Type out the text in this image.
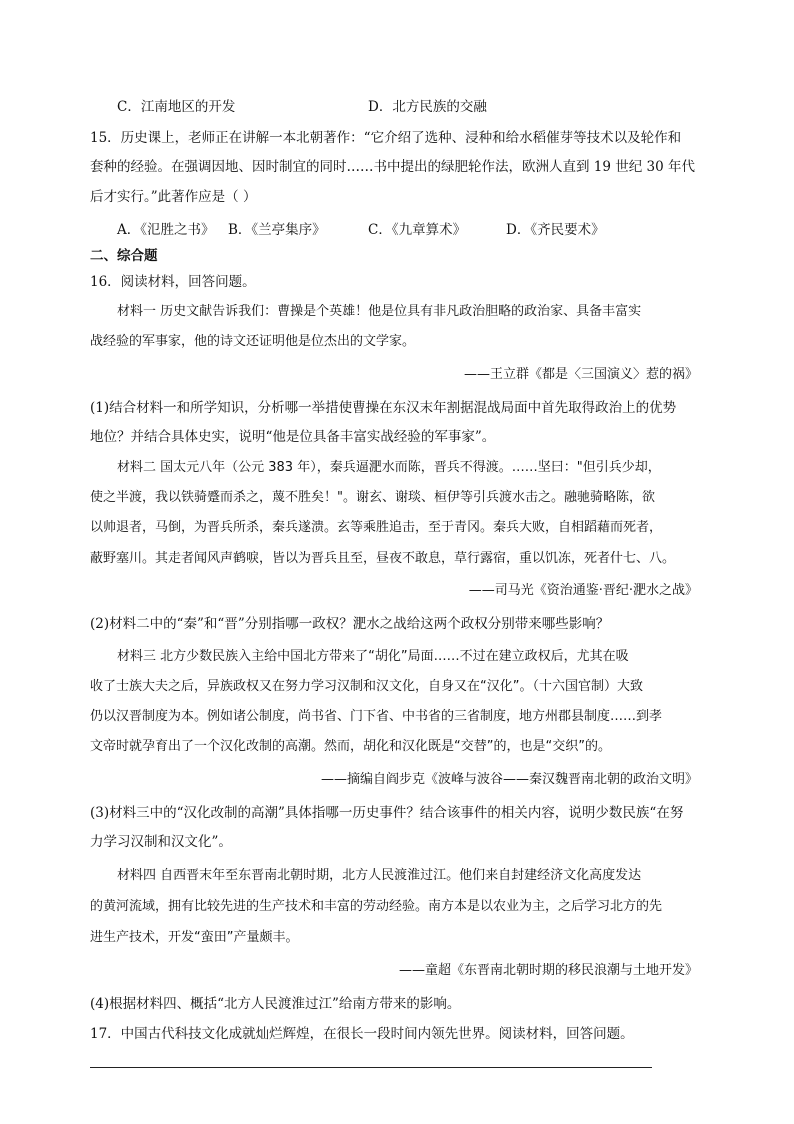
C．江南地区的开发	D．北方民族的交融
15．历史课上，老师正在讲解一本北朝著作：“它介绍了选种、浸种和给水稻催芽等技术以及轮作和
套种的经验。在强调因地、因时制宜的同时……书中提出的绿肥轮作法，欧洲人直到 19 世纪 30 年代
后才实行。”此著作应是（ ）
A．《氾胜之书》 B．《兰亭集序》	C．《九章算术》	D．《齐民要术》
二、综合题
16．阅读材料，回答问题。
材料一 历史文献告诉我们：曹操是个英雄！他是位具有非凡政治胆略的政治家、具备丰富实
战经验的军事家，他的诗文还证明他是位杰出的文学家。
——王立群《都是〈三国演义〉惹的祸》
(1)结合材料一和所学知识，分析哪一举措使曹操在东汉末年割据混战局面中首先取得政治上的优势
地位？并结合具体史实，说明“他是位具备丰富实战经验的军事家”。
材料二 国太元八年（公元 383 年），秦兵逼淝水而陈，晋兵不得渡。……坚曰："但引兵少却，
使之半渡，我以铁骑蹙而杀之，蔑不胜矣！"。谢玄、谢琰、桓伊等引兵渡水击之。融驰骑略陈，欲
以帅退者，马倒，为晋兵所杀，秦兵遂溃。玄等乘胜追击，至于青冈。秦兵大败，自相蹈藉而死者，
蔽野塞川。其走者闻风声鹤唳，皆以为晋兵且至，昼夜不敢息，草行露宿，重以饥冻，死者什七、八。
——司马光《资治通鉴·晋纪·淝水之战》
(2)材料二中的“秦”和“晋”分别指哪一政权？淝水之战给这两个政权分别带来哪些影响？
材料三 北方少数民族入主给中国北方带来了“胡化”局面……不过在建立政权后，尤其在吸
收了士族大夫之后，异族政权又在努力学习汉制和汉文化，自身又在“汉化”。（十六国官制）大致
仍以汉晋制度为本。例如诸公制度，尚书省、门下省、中书省的三省制度，地方州郡县制度……到孝
文帝时就孕育出了一个汉化改制的高潮。然而，胡化和汉化既是“交替”的，也是“交织”的。
——摘编自阎步克《波峰与波谷——秦汉魏晋南北朝的政治文明》
(3)材料三中的“汉化改制的高潮”具体指哪一历史事件？结合该事件的相关内容，说明少数民族“在努
力学习汉制和汉文化”。
材料四 自西晋末年至东晋南北朝时期，北方人民渡淮过江。他们来自封建经济文化高度发达
的黄河流域，拥有比较先进的生产技术和丰富的劳动经验。南方本是以农业为主，之后学习北方的先
进生产技术，开发“蛮田”产量颇丰。
——童超《东晋南北朝时期的移民浪潮与土地开发》
(4)根据材料四、概括“北方人民渡淮过江”给南方带来的影响。
17．中国古代科技文化成就灿烂辉煌，在很长一段时间内领先世界。阅读材料，回答问题。
